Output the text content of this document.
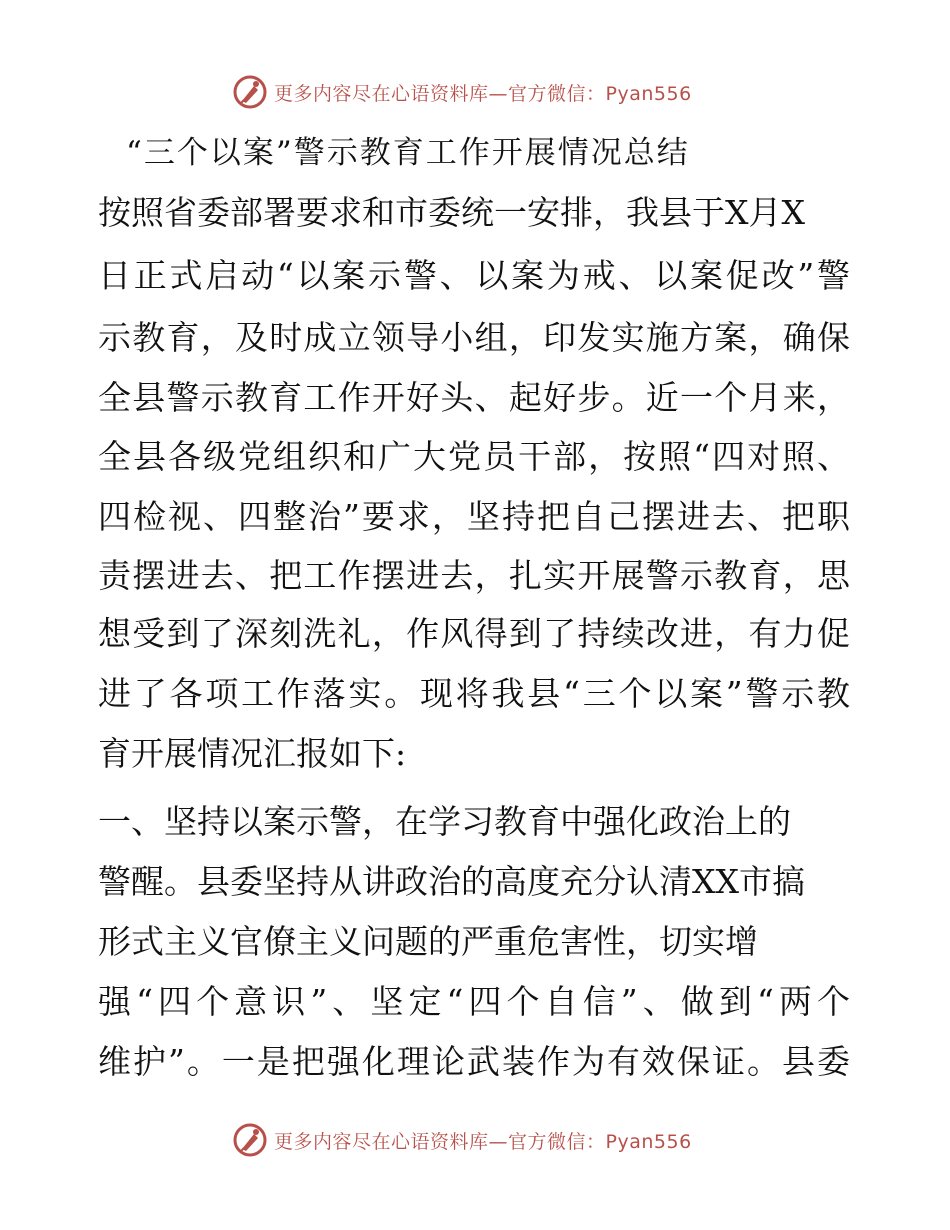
更多内容尽在心语资料库—官方微信：Pyan556
“三个以案”警示教育工作开展情况总结
按照省委部署要求和市委统一安排，我县于X月X
日正式启动“以案示警、以案为戒、以案促改”警
示教育，及时成立领导小组，印发实施方案，确保
全县警示教育工作开好头、起好步。近一个月来，
全县各级党组织和广大党员干部，按照“四对照、
四检视、四整治”要求，坚持把自己摆进去、把职
责摆进去、把工作摆进去，扎实开展警示教育，思
想受到了深刻洗礼，作风得到了持续改进，有力促
进了各项工作落实。现将我县“三个以案”警示教
育开展情况汇报如下:
一、坚持以案示警，在学习教育中强化政治上的
警醒。县委坚持从讲政治的高度充分认清XX市搞
形式主义官僚主义问题的严重危害性，切实增
强“四个意识”、坚定“四个自信”、做到“两个
维护”。一是把强化理论武装作为有效保证。县委
更多内容尽在心语资料库—官方微信：Pyan556
